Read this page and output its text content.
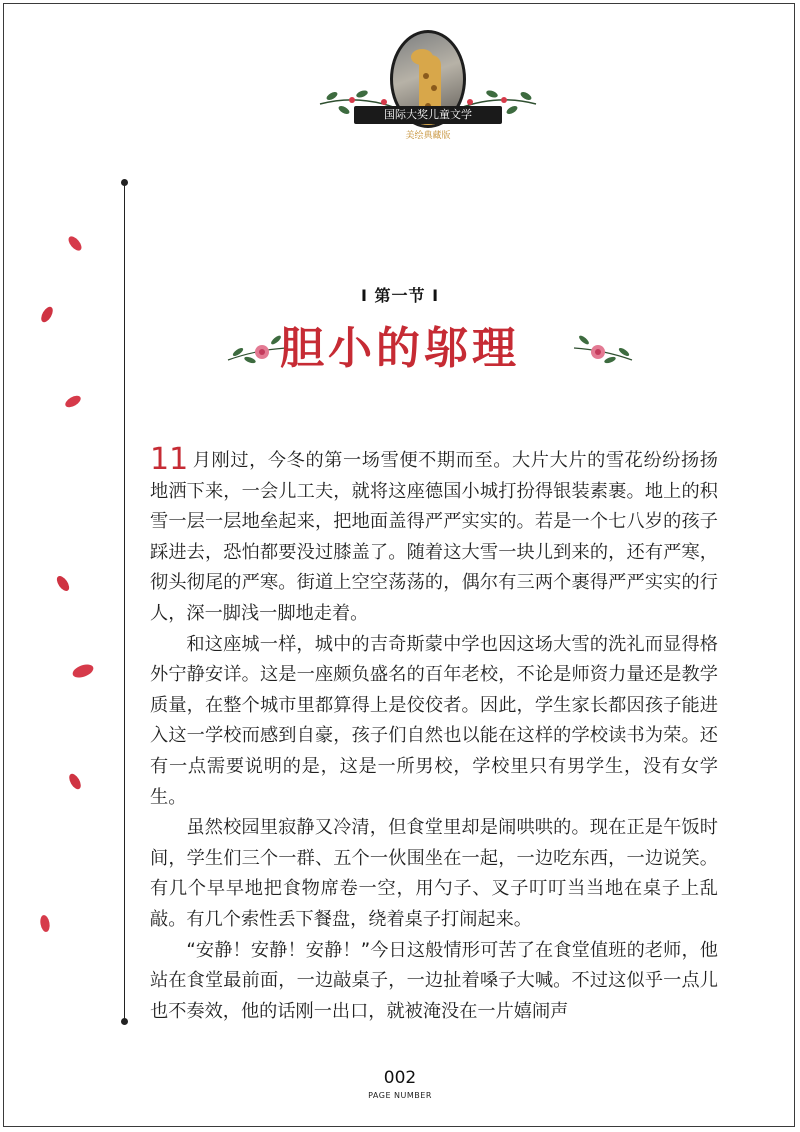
国际大奖儿童文学
美绘典藏版
Ⅰ 第一节 Ⅰ
胆小的邬理

11 月刚过，今冬的第一场雪便不期而至。大片大片的雪花纷纷扬扬地洒下来，一会儿工夫，就将这座德国小城打扮得银装素裹。地上的积雪一层一层地垒起来，把地面盖得严严实实的。若是一个七八岁的孩子踩进去，恐怕都要没过膝盖了。随着这大雪一块儿到来的，还有严寒，彻头彻尾的严寒。街道上空空荡荡的，偶尔有三两个裹得严严实实的行人，深一脚浅一脚地走着。

和这座城一样，城中的吉奇斯蒙中学也因这场大雪的洗礼而显得格外宁静安详。这是一座颇负盛名的百年老校，不论是师资力量还是教学质量，在整个城市里都算得上是佼佼者。因此，学生家长都因孩子能进入这一学校而感到自豪，孩子们自然也以能在这样的学校读书为荣。还有一点需要说明的是，这是一所男校，学校里只有男学生，没有女学生。

虽然校园里寂静又冷清，但食堂里却是闹哄哄的。现在正是午饭时间，学生们三个一群、五个一伙围坐在一起，一边吃东西，一边说笑。有几个早早地把食物席卷一空，用勺子、叉子叮叮当当地在桌子上乱敲。有几个索性丢下餐盘，绕着桌子打闹起来。

“安静！安静！安静！”今日这般情形可苦了在食堂值班的老师，他站在食堂最前面，一边敲桌子，一边扯着嗓子大喊。不过这似乎一点儿也不奏效，他的话刚一出口，就被淹没在一片嬉闹声

002
PAGE NUMBER
